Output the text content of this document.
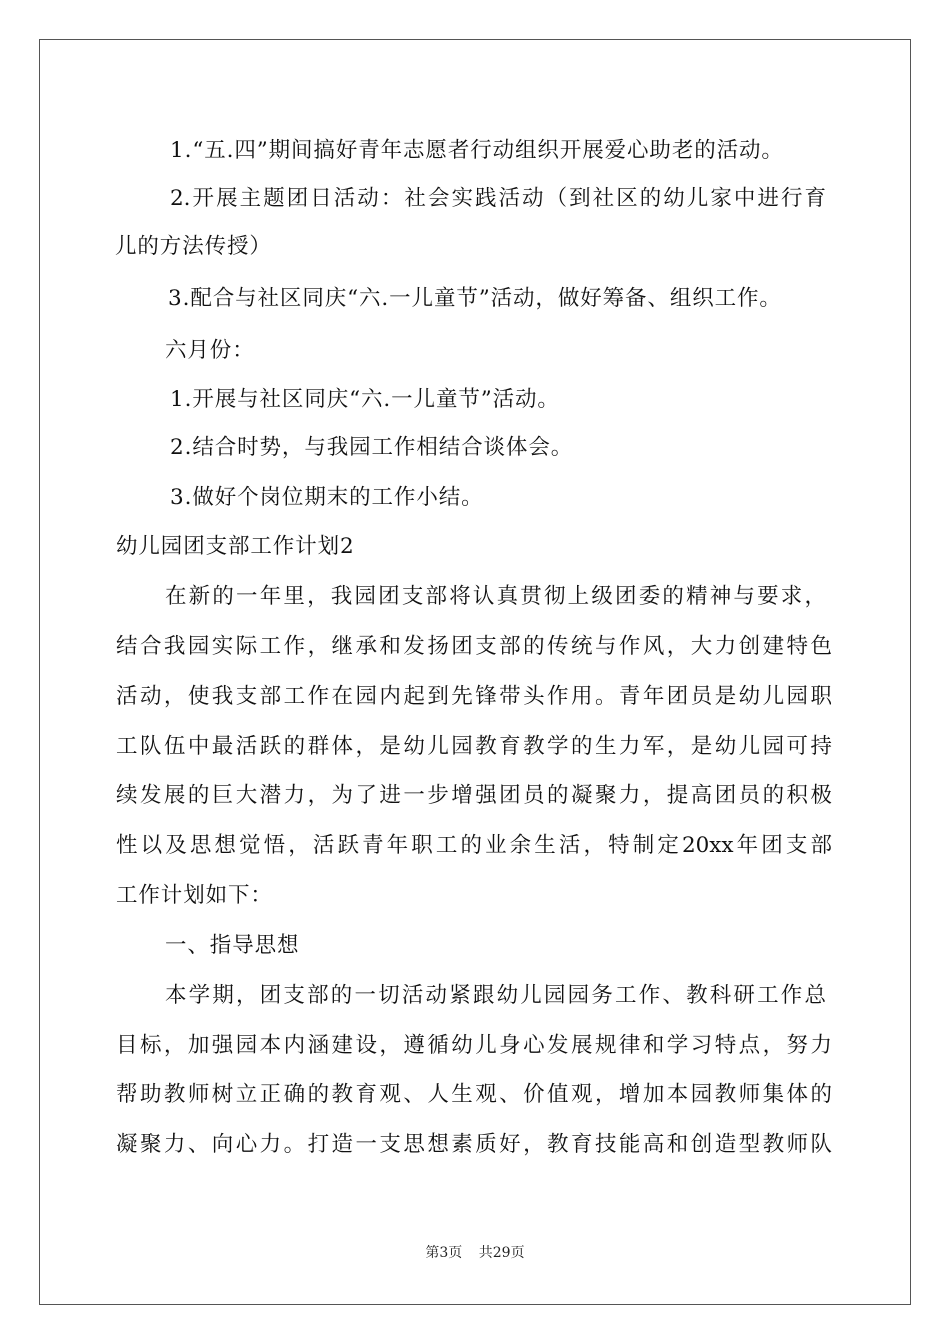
1.“五.四”期间搞好青年志愿者行动组织开展爱心助老的活动。
2.开展主题团日活动：社会实践活动（到社区的幼儿家中进行育
儿的方法传授）
3.配合与社区同庆“六.一儿童节”活动，做好筹备、组织工作。
六月份：
1.开展与社区同庆“六.一儿童节”活动。
2.结合时势，与我园工作相结合谈体会。
3.做好个岗位期末的工作小结。
幼儿园团支部工作计划2
在新的一年里，我园团支部将认真贯彻上级团委的精神与要求，
结合我园实际工作，继承和发扬团支部的传统与作风，大力创建特色
活动，使我支部工作在园内起到先锋带头作用。青年团员是幼儿园职
工队伍中最活跃的群体，是幼儿园教育教学的生力军，是幼儿园可持
续发展的巨大潜力，为了进一步增强团员的凝聚力，提高团员的积极
性以及思想觉悟，活跃青年职工的业余生活，特制定20xx年团支部
工作计划如下：
一、指导思想
本学期，团支部的一切活动紧跟幼儿园园务工作、教科研工作总
目标，加强园本内涵建设，遵循幼儿身心发展规律和学习特点，努力
帮助教师树立正确的教育观、人生观、价值观，增加本园教师集体的
凝聚力、向心力。打造一支思想素质好，教育技能高和创造型教师队
第3页 共29页
